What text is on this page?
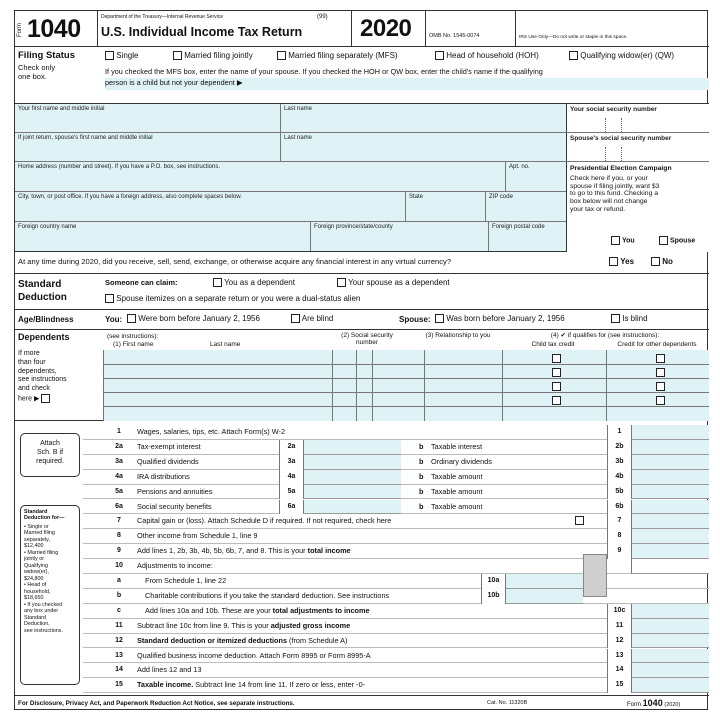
Form 1040	Department of the Treasury—Internal Revenue Service	(99)
U.S. Individual Income Tax Return 2020	OMB No. 1545-0074	IRS Use Only—Do not write or staple in this space.
Filing Status
Check only
one box.
Single	Married filing jointly	Married filing separately (MFS)	Head of household (HOH)	Qualifying widow(er) (QW)
If you checked the MFS box, enter the name of your spouse. If you checked the HOH or QW box, enter the child's name if the qualifying
person is a child but not your dependent ▶
Your first name and middle initial	Last name	Your social security number
If joint return, spouse's first name and middle initial	Last name	Spouse's social security number
Home address (number and street). If you have a P.O. box, see instructions.	Apt. no.
City, town, or post office. If you have a foreign address, also complete spaces below.	State	ZIP code
Foreign country name	Foreign province/state/county	Foreign postal code
Presidential Election Campaign
Check here if you, or your
spouse if filing jointly, want $3
to go to this fund. Checking a
box below will not change
your tax or refund.
You	Spouse
At any time during 2020, did you receive, sell, send, exchange, or otherwise acquire any financial interest in any virtual currency?	Yes	No
Standard
Deduction
Someone can claim:	You as a dependent	Your spouse as a dependent
Spouse itemizes on a separate return or you were a dual-status alien
Age/Blindness	You:	Were born before January 2, 1956	Are blind	Spouse:	Was born before January 2, 1956	Is blind
Dependents	(see instructions):
If more
than four
dependents,
see instructions
and check
here ▶
(1) First name	Last name
(2) Social security number
(3) Relationship to you	(4) ✔ if qualifies for (see instructions):
Child tax credit	Credit for other dependents
Attach
Sch. B if
required.
Standard
Deduction for—
• Single or
Married filing
separately,
$12,400
• Married filing
jointly or
Qualifying
widow(er),
$24,800
• Head of
household,
$18,650
• If you checked
any box under
Standard
Deduction,
see instructions.
1	Wages, salaries, tips, etc. Attach Form(s) W-2	1
2a	Tax-exempt interest	2a	b Taxable interest	2b
3a	Qualified dividends	3a	b Ordinary dividends	3b
4a	IRA distributions	4a	b Taxable amount	4b
5a	Pensions and annuities	5a	b Taxable amount	5b
6a	Social security benefits	6a	b Taxable amount	6b
7	Capital gain or (loss). Attach Schedule D if required. If not required, check here	7
8	Other income from Schedule 1, line 9	8
9	Add lines 1, 2b, 3b, 4b, 5b, 6b, 7, and 8. This is your total income	9
10	Adjustments to income:
a	From Schedule 1, line 22	10a
b	Charitable contributions if you take the standard deduction. See instructions	10b
c	Add lines 10a and 10b. These are your total adjustments to income	10c
11	Subtract line 10c from line 9. This is your adjusted gross income	11
12	Standard deduction or itemized deductions (from Schedule A)	12
13	Qualified business income deduction. Attach Form 8995 or Form 8995-A	13
14	Add lines 12 and 13	14
15	Taxable income. Subtract line 14 from line 11. If zero or less, enter -0-	15
For Disclosure, Privacy Act, and Paperwork Reduction Act Notice, see separate instructions.	Cat. No. 11320B	Form 1040 (2020)
